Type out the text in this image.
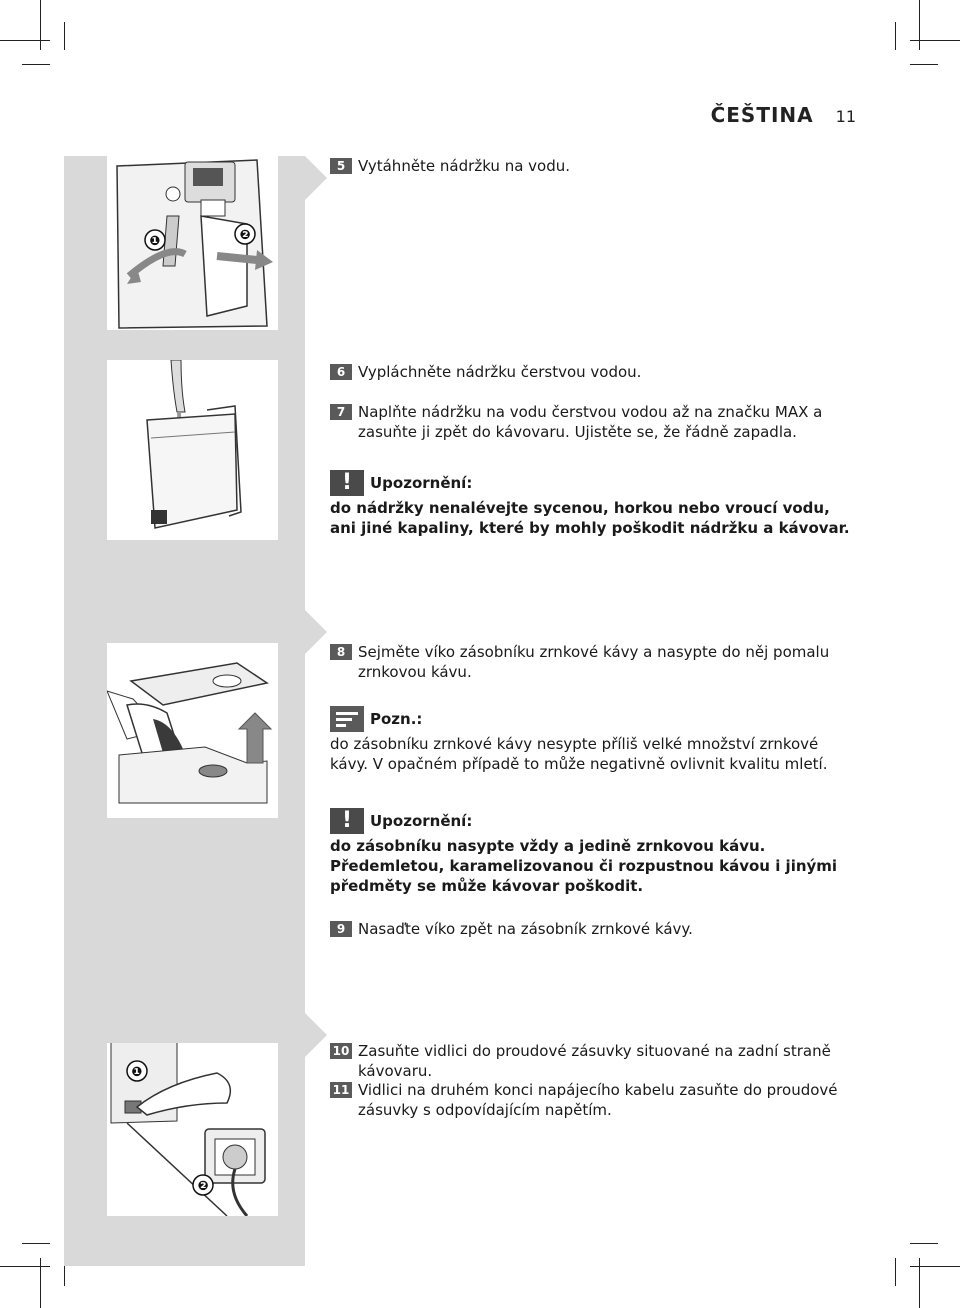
ČEŠTINA 11
❶	❷
❶
❷
5 Vytáhněte nádržku na vodu.
6 Vypláchněte nádržku čerstvou vodou.
7 Naplňte nádržku na vodu čerstvou vodou až na značku MAX a zasuňte ji zpět do kávovaru. Ujistěte se, že řádně zapadla.
!	Upozornění:
do nádržky nenalévejte sycenou, horkou nebo vroucí vodu, ani jiné kapaliny, které by mohly poškodit nádržku a kávovar.
8 Sejměte víko zásobníku zrnkové kávy a nasypte do něj pomalu zrnkovou kávu.
Pozn.:
do zásobníku zrnkové kávy nesypte příliš velké množství zrnkové kávy. V opačném případě to může negativně ovlivnit kvalitu mletí.
!	Upozornění:
do zásobníku nasypte vždy a jedině zrnkovou kávu. Předemletou, karamelizovanou či rozpustnou kávou i jinými předměty se může kávovar poškodit.
9 Nasaďte víko zpět na zásobník zrnkové kávy.
10 Zasuňte vidlici do proudové zásuvky situované na zadní straně kávovaru.
11 Vidlici na druhém konci napájecího kabelu zasuňte do proudové zásuvky s odpovídajícím napětím.
